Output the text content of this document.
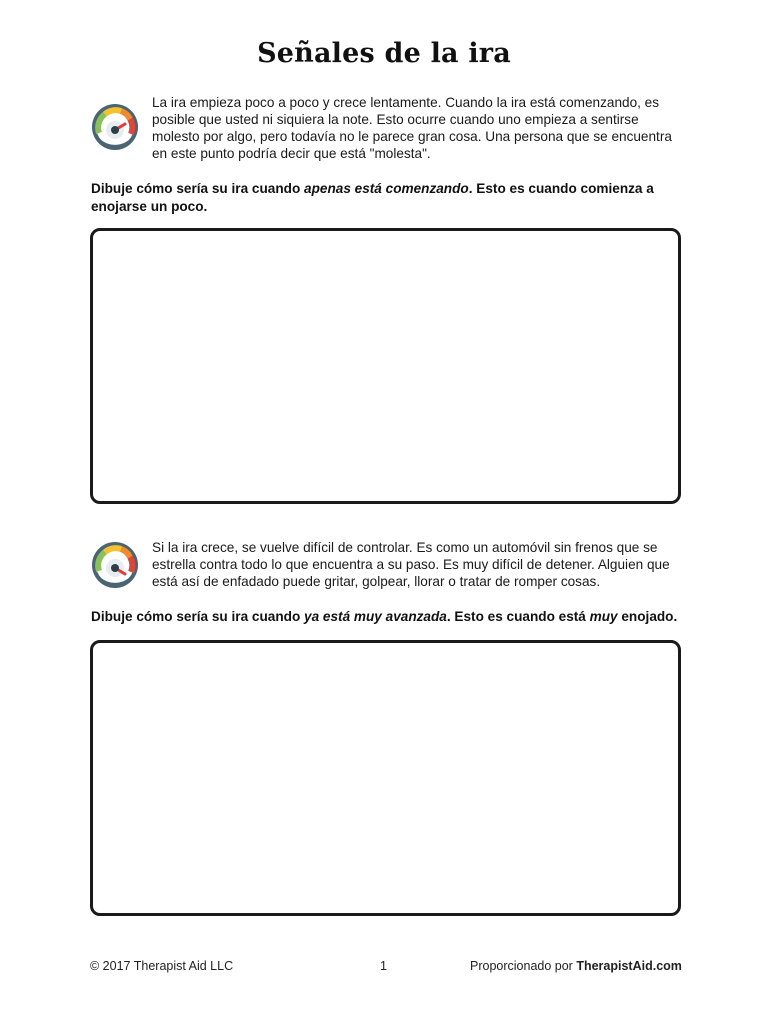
Señales de la ira
La ira empieza poco a poco y crece lentamente. Cuando la ira está comenzando, es posible que usted ni siquiera la note. Esto ocurre cuando uno empieza a sentirse molesto por algo, pero todavía no le parece gran cosa. Una persona que se encuentra en este punto podría decir que está "molesta".
Dibuje cómo sería su ira cuando apenas está comenzando. Esto es cuando comienza a enojarse un poco.
Si la ira crece, se vuelve difícil de controlar. Es como un automóvil sin frenos que se estrella contra todo lo que encuentra a su paso. Es muy difícil de detener. Alguien que está así de enfadado puede gritar, golpear, llorar o tratar de romper cosas.
Dibuje cómo sería su ira cuando ya está muy avanzada. Esto es cuando está muy enojado.
© 2017 Therapist Aid LLC	1	Proporcionado por TherapistAid.com
